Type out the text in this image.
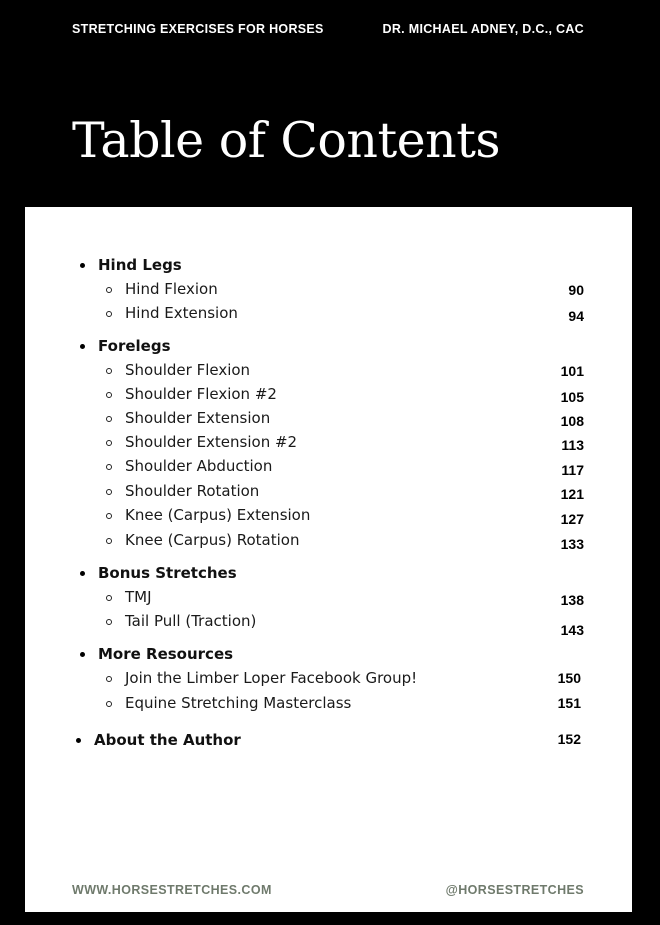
STRETCHING EXERCISES FOR HORSES	DR. MICHAEL ADNEY, D.C., CAC
Table of Contents
Hind Legs
Hind Flexion	90
Hind Extension	94
Forelegs
Shoulder Flexion	101
Shoulder Flexion #2	105
Shoulder Extension	108
Shoulder Extension #2	113
Shoulder Abduction	117
Shoulder Rotation	121
Knee (Carpus) Extension	127
Knee (Carpus) Rotation	133
Bonus Stretches
TMJ	138
Tail Pull (Traction)	143
More Resources
Join the Limber Loper Facebook Group!	150
Equine Stretching Masterclass	151
About the Author	152
WWW.HORSESTRETCHES.COM	@HORSESTRETCHES
